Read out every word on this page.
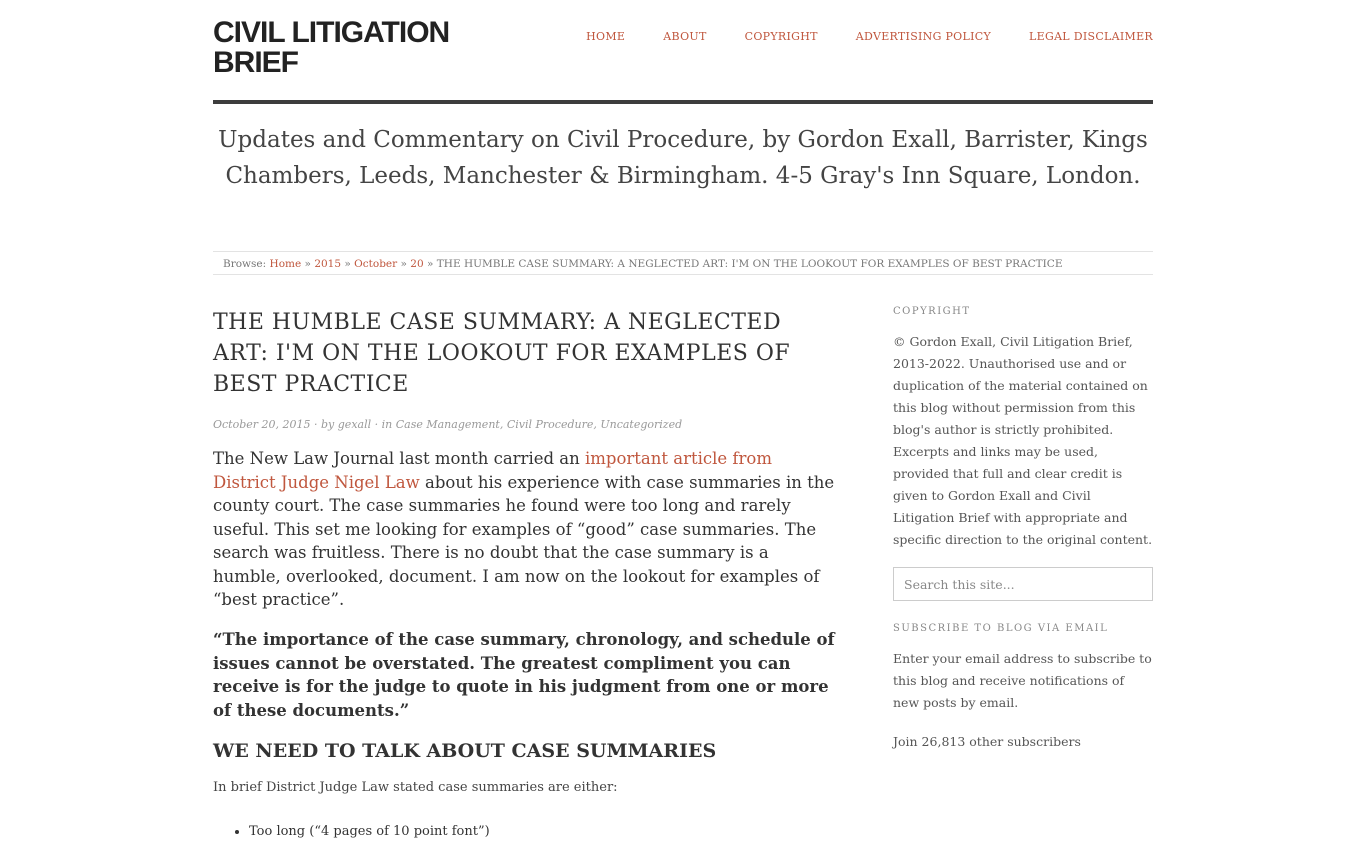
CIVIL LITIGATION BRIEF
HOME	ABOUT	COPYRIGHT	ADVERTISING POLICY	LEGAL DISCLAIMER
Updates and Commentary on Civil Procedure, by Gordon Exall, Barrister, Kings Chambers, Leeds, Manchester & Birmingham. 4-5 Gray's Inn Square, London.
Browse: Home » 2015 » October » 20 » THE HUMBLE CASE SUMMARY: A NEGLECTED ART: I'M ON THE LOOKOUT FOR EXAMPLES OF BEST PRACTICE
THE HUMBLE CASE SUMMARY: A NEGLECTED ART: I'M ON THE LOOKOUT FOR EXAMPLES OF BEST PRACTICE
October 20, 2015 · by gexall · in Case Management, Civil Procedure, Uncategorized

The New Law Journal last month carried an important article from District Judge Nigel Law about his experience with case summaries in the county court. The case summaries he found were too long and rarely useful. This set me looking for examples of “good” case summaries. The search was fruitless. There is no doubt that the case summary is a humble, overlooked, document. I am now on the lookout for examples of “best practice”.

“The importance of the case summary, chronology, and schedule of issues cannot be overstated. The greatest compliment you can receive is for the judge to quote in his judgment from one or more of these documents.”

WE NEED TO TALK ABOUT CASE SUMMARIES

In brief District Judge Law stated case summaries are either:

• Too long (“4 pages of 10 point font”)
COPYRIGHT
© Gordon Exall, Civil Litigation Brief, 2013-2022. Unauthorised use and or duplication of the material contained on this blog without permission from this blog's author is strictly prohibited. Excerpts and links may be used, provided that full and clear credit is given to Gordon Exall and Civil Litigation Brief with appropriate and specific direction to the original content.
Search this site...
SUBSCRIBE TO BLOG VIA EMAIL
Enter your email address to subscribe to this blog and receive notifications of new posts by email.
Join 26,813 other subscribers
